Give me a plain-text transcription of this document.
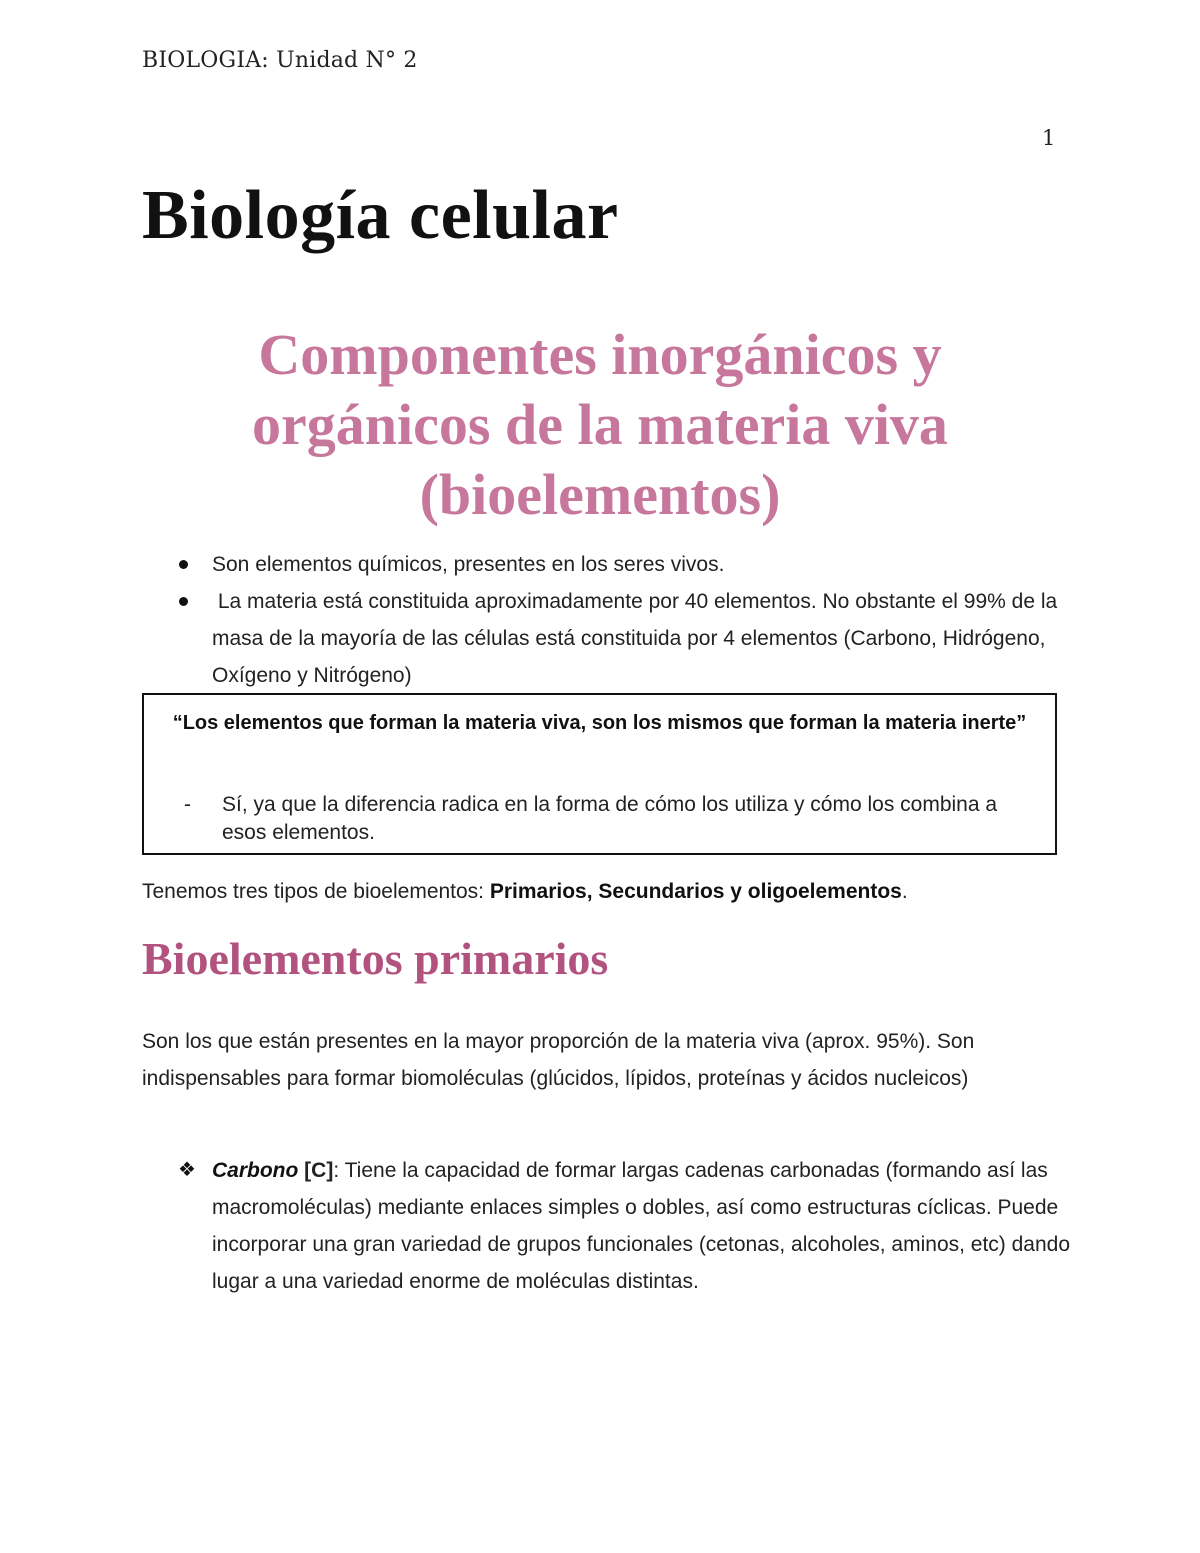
BIOLOGIA: Unidad N° 2
1
Biología celular
Componentes inorgánicos y
orgánicos de la materia viva
(bioelementos)
Son elementos químicos, presentes en los seres vivos.
La materia está constituida aproximadamente por 40 elementos. No obstante el 99% de la masa de la mayoría de las células está constituida por 4 elementos (Carbono, Hidrógeno, Oxígeno y Nitrógeno)
“Los elementos que forman la materia viva, son los mismos que forman la materia inerte”
-	Sí, ya que la diferencia radica en la forma de cómo los utiliza y cómo los combina a esos elementos.
Tenemos tres tipos de bioelementos: Primarios, Secundarios y oligoelementos.
Bioelementos primarios
Son los que están presentes en la mayor proporción de la materia viva (aprox. 95%). Son indispensables para formar biomoléculas (glúcidos, lípidos, proteínas y ácidos nucleicos)
❖ Carbono [C]: Tiene la capacidad de formar largas cadenas carbonadas (formando así las macromoléculas) mediante enlaces simples o dobles, así como estructuras cíclicas. Puede incorporar una gran variedad de grupos funcionales (cetonas, alcoholes, aminos, etc) dando lugar a una variedad enorme de moléculas distintas.
